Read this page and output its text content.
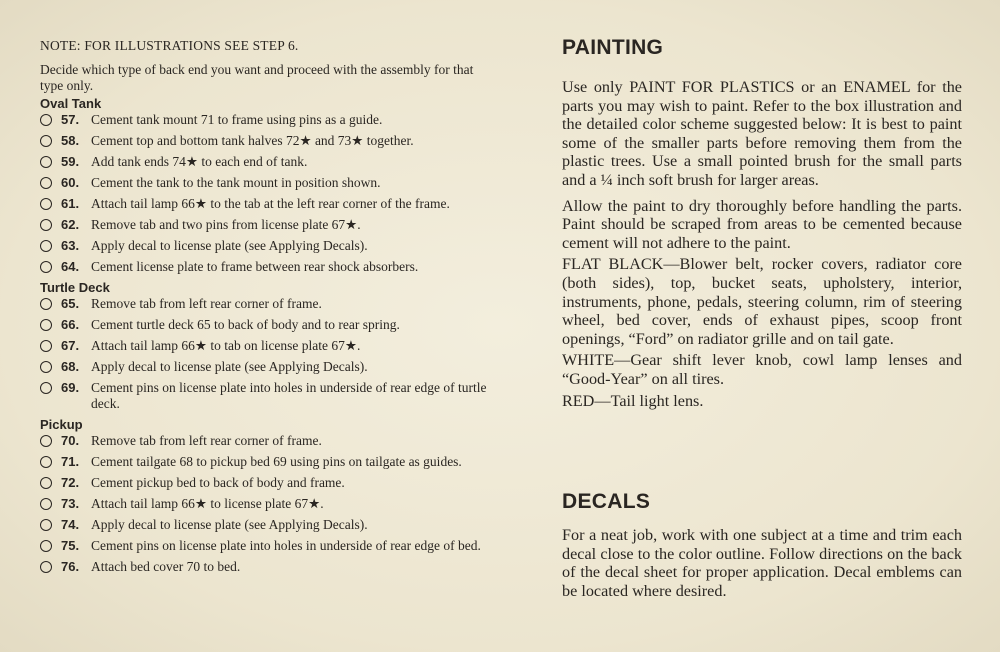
NOTE: FOR ILLUSTRATIONS SEE STEP 6.
Decide which type of back end you want and proceed with the assembly for that type only.
Oval Tank
57. Cement tank mount 71 to frame using pins as a guide.
58. Cement top and bottom tank halves 72★ and 73★ together.
59. Add tank ends 74★ to each end of tank.
60. Cement the tank to the tank mount in position shown.
61. Attach tail lamp 66★ to the tab at the left rear corner of the frame.
62. Remove tab and two pins from license plate 67★.
63. Apply decal to license plate (see Applying Decals).
64. Cement license plate to frame between rear shock absorbers.
Turtle Deck
65. Remove tab from left rear corner of frame.
66. Cement turtle deck 65 to back of body and to rear spring.
67. Attach tail lamp 66★ to tab on license plate 67★.
68. Apply decal to license plate (see Applying Decals).
69. Cement pins on license plate into holes in underside of rear edge of turtle deck.
Pickup
70. Remove tab from left rear corner of frame.
71. Cement tailgate 68 to pickup bed 69 using pins on tailgate as guides.
72. Cement pickup bed to back of body and frame.
73. Attach tail lamp 66★ to license plate 67★.
74. Apply decal to license plate (see Applying Decals).
75. Cement pins on license plate into holes in underside of rear edge of bed.
76. Attach bed cover 70 to bed.
PAINTING

Use only PAINT FOR PLASTICS or an ENAMEL for the parts you may wish to paint. Refer to the box illustration and the detailed color scheme suggested below: It is best to paint some of the smaller parts before removing them from the plastic trees. Use a small pointed brush for the small parts and a ¼ inch soft brush for larger areas.

Allow the paint to dry thoroughly before handling the parts. Paint should be scraped from areas to be cemented because cement will not adhere to the paint.

FLAT BLACK—Blower belt, rocker covers, radiator core (both sides), top, bucket seats, upholstery, interior, instruments, phone, pedals, steering column, rim of steering wheel, bed cover, ends of exhaust pipes, scoop front openings, “Ford” on radiator grille and on tail gate.

WHITE—Gear shift lever knob, cowl lamp lenses and “Good-Year” on all tires.

RED—Tail light lens.

DECALS

For a neat job, work with one subject at a time and trim each decal close to the color outline. Follow directions on the back of the decal sheet for proper application. Decal emblems can be located where desired.
